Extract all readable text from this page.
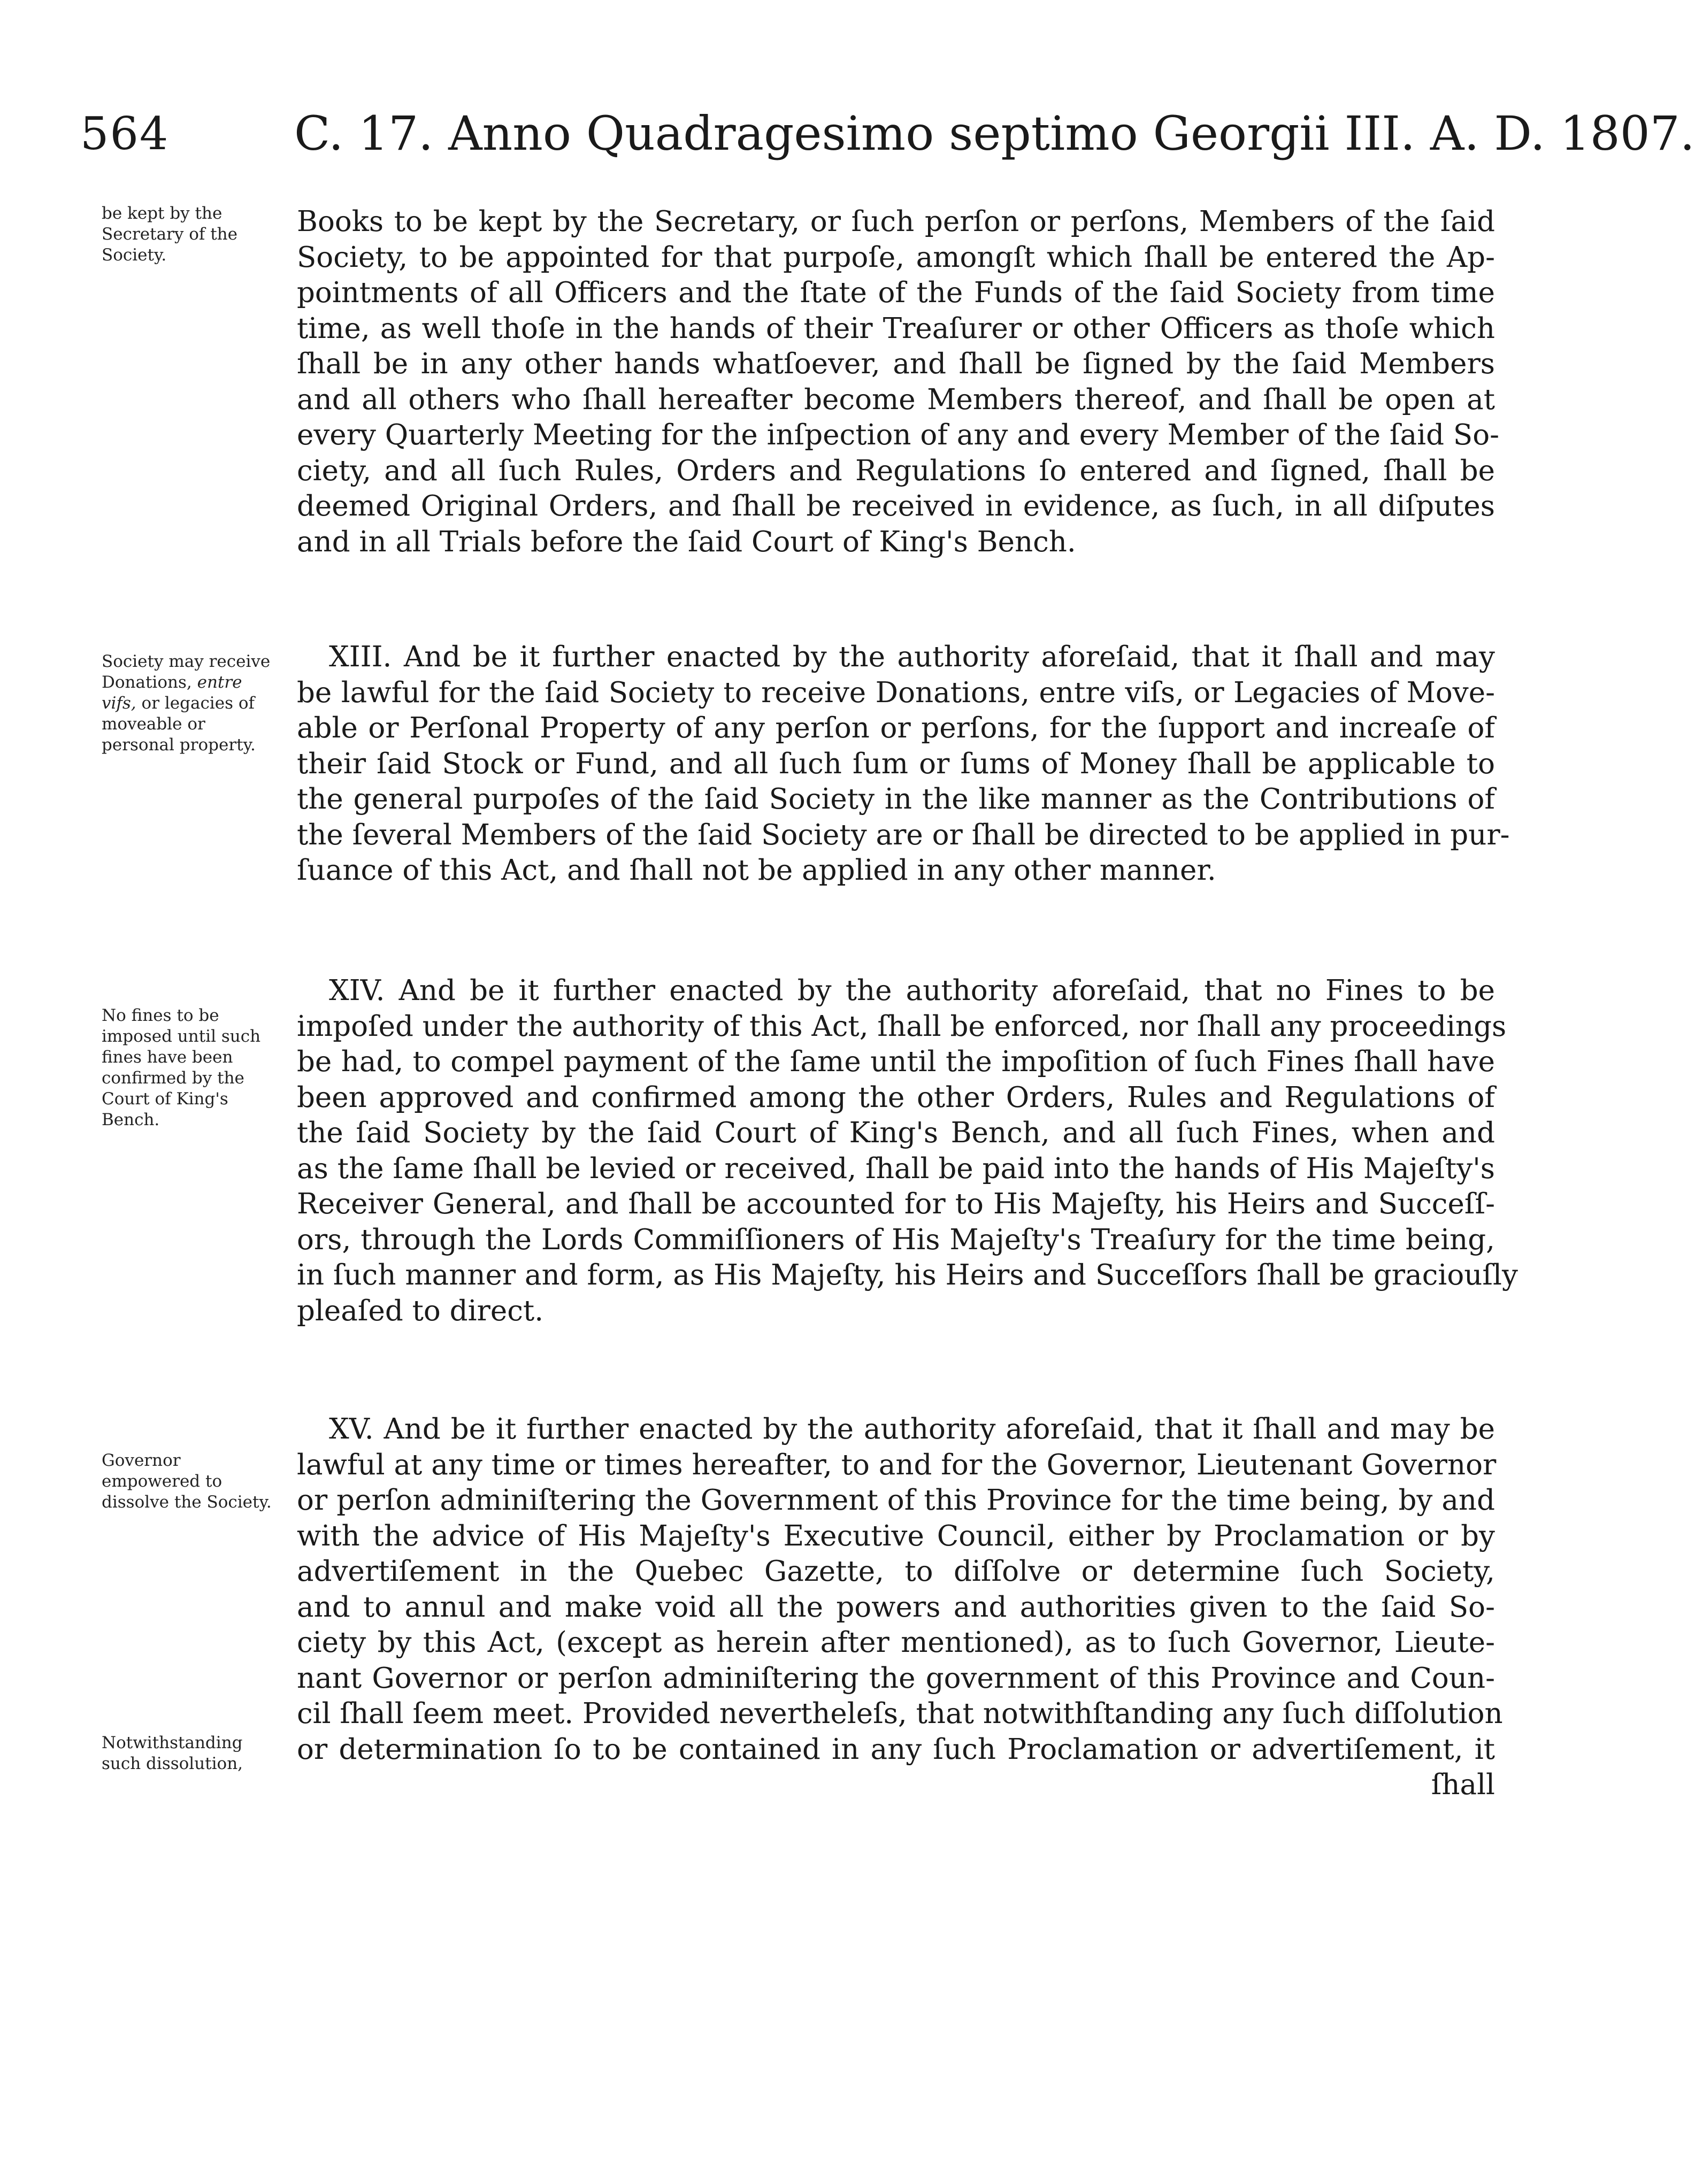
564	C. 17. Anno Quadragesimo septimo Georgii III. A. D. 1807.
be kept by the Secretary of the Society.
Society may receive Donations, entre vifs, or legacies of moveable or personal property.
No fines to be imposed until such fines have been confirmed by the Court of King's Bench.
Governor empowered to dissolve the Society.
Notwithstanding such dissolution,
Books to be kept by the Secretary, or ſuch perſon or perſons, Members of the ſaid
Society, to be appointed for that purpoſe, amongſt which ſhall be entered the Ap-
pointments of all Officers and the ſtate of the Funds of the ſaid Society from time
time, as well thoſe in the hands of their Treaſurer or other Officers as thoſe which
ſhall be in any other hands whatſoever, and ſhall be ſigned by the ſaid Members
and all others who ſhall hereafter become Members thereof, and ſhall be open at
every Quarterly Meeting for the inſpection of any and every Member of the ſaid So-
ciety, and all ſuch Rules, Orders and Regulations ſo entered and ſigned, ſhall be
deemed Original Orders, and ſhall be received in evidence, as ſuch, in all diſputes
and in all Trials before the ſaid Court of King's Bench.
XIII. And be it further enacted by the authority aforeſaid, that it ſhall and may
be lawful for the ſaid Society to receive Donations, entre viſs, or Legacies of Move-
able or Perſonal Property of any perſon or perſons, for the ſupport and increaſe of
their ſaid Stock or Fund, and all ſuch ſum or ſums of Money ſhall be applicable to
the general purpoſes of the ſaid Society in the like manner as the Contributions of
the ſeveral Members of the ſaid Society are or ſhall be directed to be applied in pur-
ſuance of this Act, and ſhall not be applied in any other manner.
XIV. And be it further enacted by the authority aforeſaid, that no Fines to be
impoſed under the authority of this Act, ſhall be enforced, nor ſhall any proceedings
be had, to compel payment of the ſame until the impoſition of ſuch Fines ſhall have
been approved and confirmed among the other Orders, Rules and Regulations of
the ſaid Society by the ſaid Court of King's Bench, and all ſuch Fines, when and
as the ſame ſhall be levied or received, ſhall be paid into the hands of His Majeſty's
Receiver General, and ſhall be accounted for to His Majeſty, his Heirs and Succeſſ-
ors, through the Lords Commiſſioners of His Majeſty's Treaſury for the time being,
in ſuch manner and form, as His Majeſty, his Heirs and Succeſſors ſhall be graciouſly
pleaſed to direct.
XV. And be it further enacted by the authority aforeſaid, that it ſhall and may be
lawful at any time or times hereafter, to and for the Governor, Lieutenant Governor
or perſon adminiſtering the Government of this Province for the time being, by and
with the advice of His Majeſty's Executive Council, either by Proclamation or by
advertiſement in the Quebec Gazette, to diſſolve or determine ſuch Society,
and to annul and make void all the powers and authorities given to the ſaid So-
ciety by this Act, (except as herein after mentioned), as to ſuch Governor, Lieute-
nant Governor or perſon adminiſtering the government of this Province and Coun-
cil ſhall ſeem meet. Provided nevertheleſs, that notwithſtanding any ſuch diſſolution
or determination ſo to be contained in any ſuch Proclamation or advertiſement, it
ſhall
